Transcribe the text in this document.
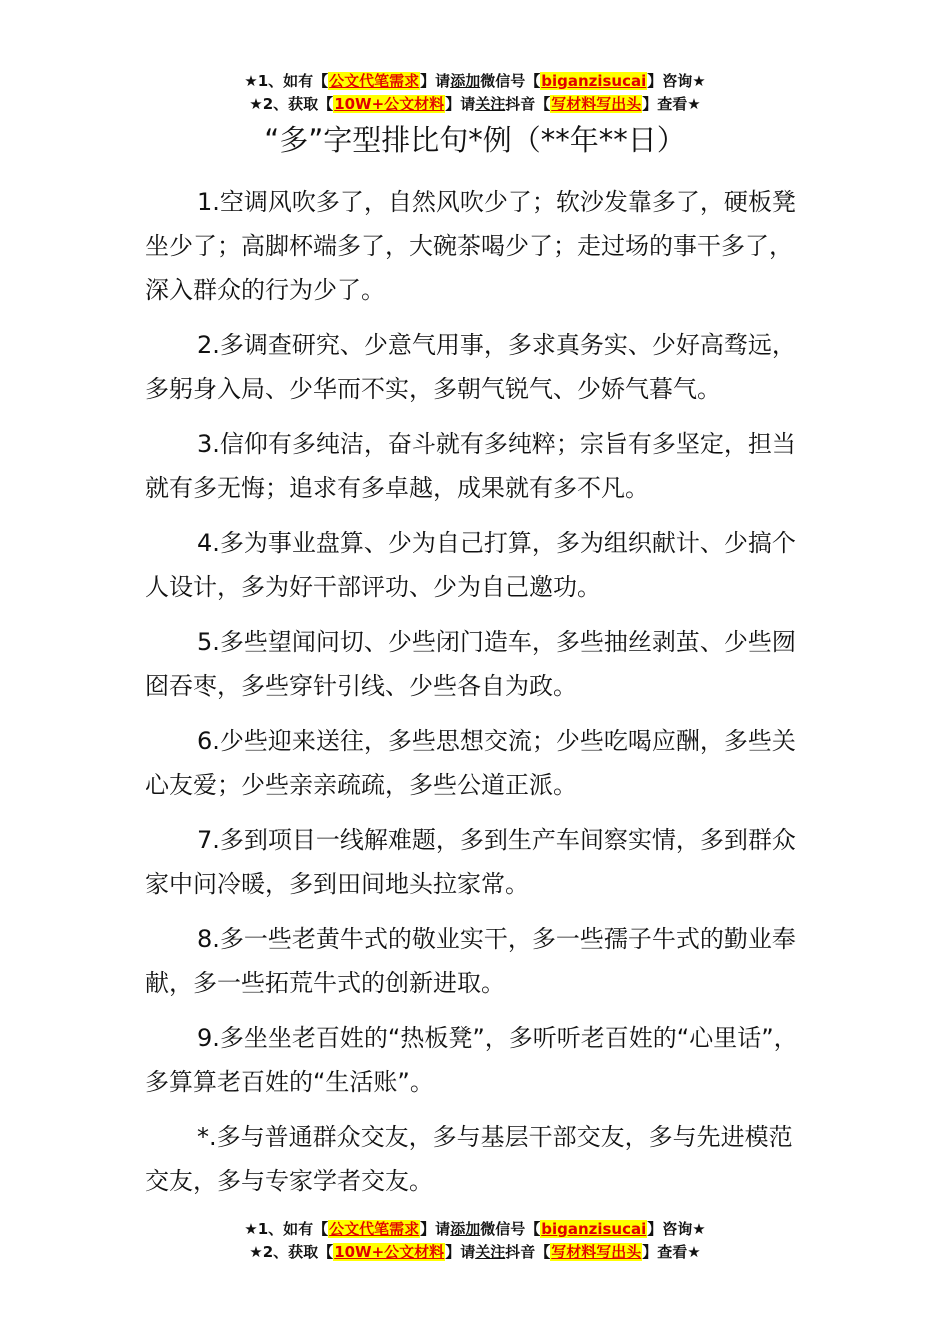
★1、如有【公文代笔需求】请添加微信号【biganzisucai】咨询★
★2、获取【10W+公文材料】请关注抖音【写材料写出头】查看★
“多”字型排比句*例（**年**日）

1.空调风吹多了，自然风吹少了；软沙发靠多了，硬板凳坐少了；高脚杯端多了，大碗茶喝少了；走过场的事干多了，深入群众的行为少了。

2.多调查研究、少意气用事，多求真务实、少好高骛远，多躬身入局、少华而不实，多朝气锐气、少娇气暮气。

3.信仰有多纯洁，奋斗就有多纯粹；宗旨有多坚定，担当就有多无悔；追求有多卓越，成果就有多不凡。

4.多为事业盘算、少为自己打算，多为组织献计、少搞个人设计，多为好干部评功、少为自己邀功。

5.多些望闻问切、少些闭门造车，多些抽丝剥茧、少些囫囵吞枣，多些穿针引线、少些各自为政。

6.少些迎来送往，多些思想交流；少些吃喝应酬，多些关心友爱；少些亲亲疏疏，多些公道正派。

7.多到项目一线解难题，多到生产车间察实情，多到群众家中问冷暖，多到田间地头拉家常。

8.多一些老黄牛式的敬业实干，多一些孺子牛式的勤业奉献，多一些拓荒牛式的创新进取。

9.多坐坐老百姓的“热板凳”，多听听老百姓的“心里话”，多算算老百姓的“生活账”。

*.多与普通群众交友，多与基层干部交友，多与先进模范交友，多与专家学者交友。

★1、如有【公文代笔需求】请添加微信号【biganzisucai】咨询★
★2、获取【10W+公文材料】请关注抖音【写材料写出头】查看★
